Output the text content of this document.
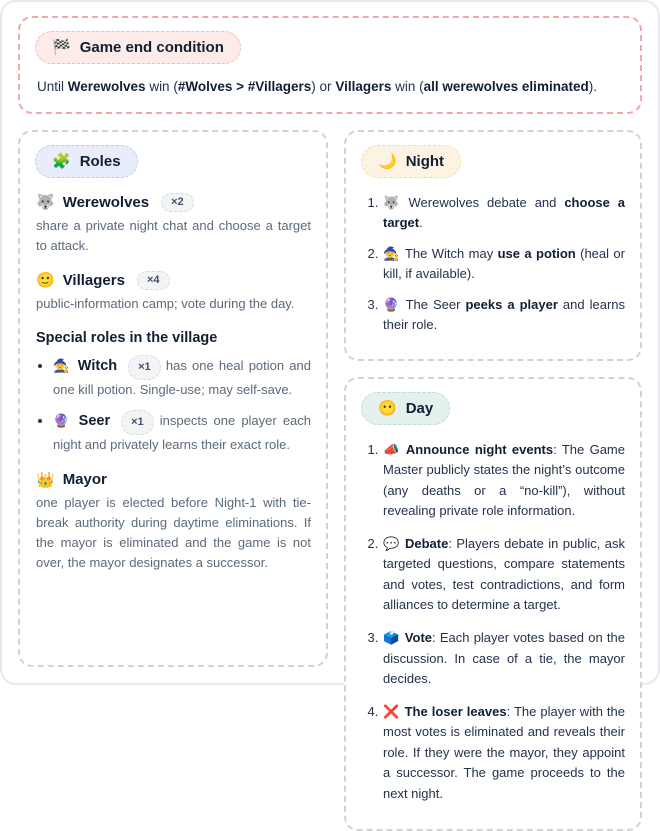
🏁 Game end condition

Until Werewolves win (#Wolves > #Villagers) or Villagers win (all werewolves eliminated).

🧩 Roles
🐺 Werewolves	×2

share a private night chat and choose a target to attack.

🙂 Villagers	×4

public-information camp; vote during the day.

Special roles in the village
• 🧙 Witch ×1 has one heal potion and one kill potion. Single-use; may self-save.
• 🔮 Seer ×1 inspects one player each night and privately learns their exact role.
👑 Mayor

one player is elected before Night-1 with tie-break authority during daytime eliminations. If the mayor is eliminated and the game is not over, the mayor designates a successor.

🌙 Night
1. 🐺 Werewolves debate and choose a target.
2. 🧙 The Witch may use a potion (heal or kill, if available).
3. 🔮 The Seer peeks a player and learns their role.
😶 Day
1. 📣 Announce night events: The Game Master publicly states the night’s outcome (any deaths or a “no-kill”), without revealing private role information.
2. 💬 Debate: Players debate in public, ask targeted questions, compare statements and votes, test contradictions, and form alliances to determine a target.
3. 🗳️ Vote: Each player votes based on the discussion. In case of a tie, the mayor decides.
4. ❌ The loser leaves: The player with the most votes is eliminated and reveals their role. If they were the mayor, they appoint a successor. The game proceeds to the next night.
